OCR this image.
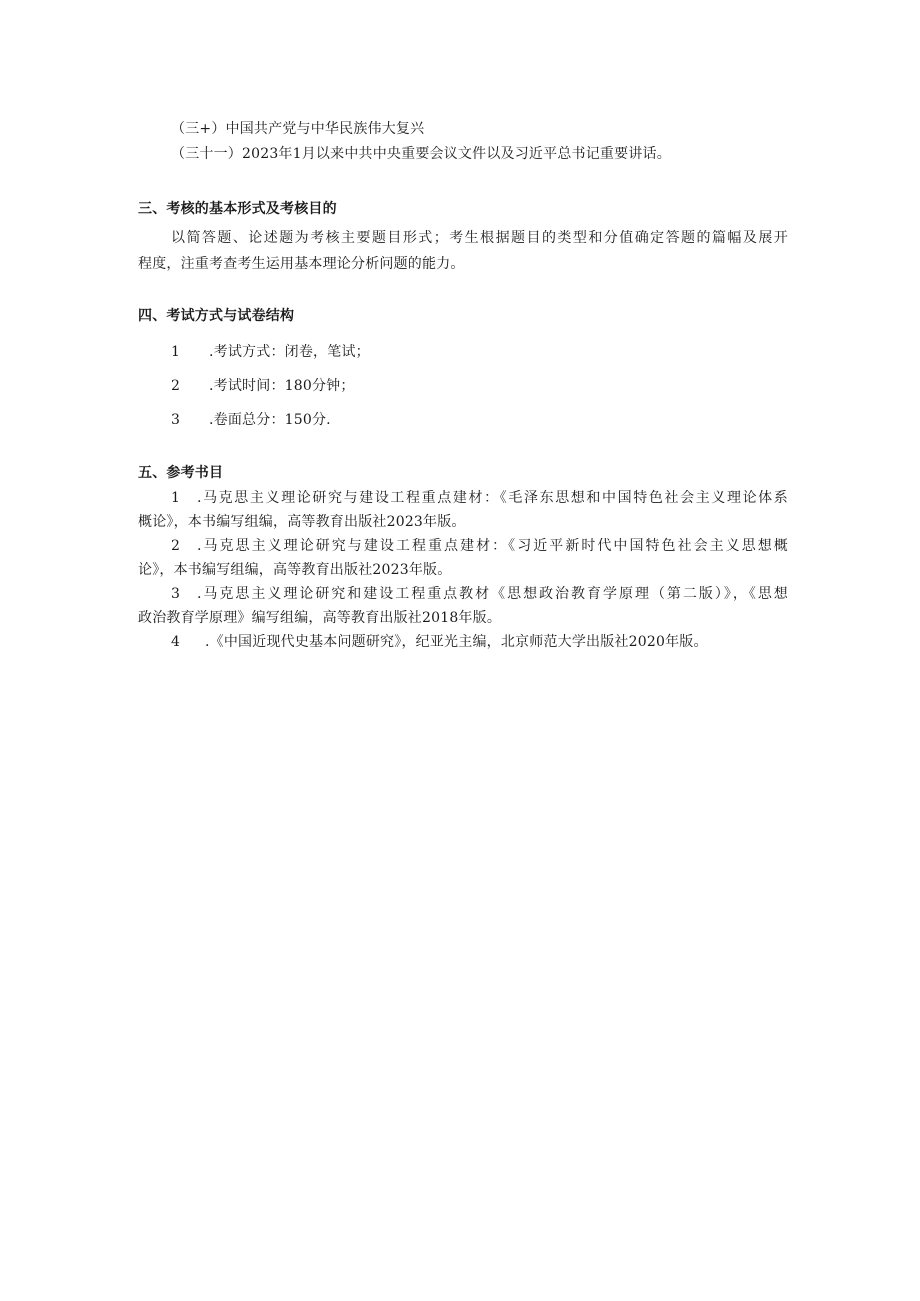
（三+）中国共产党与中华民族伟大复兴
（三十一）2023年1月以来中共中央重要会议文件以及习近平总书记重要讲话。
三、考核的基本形式及考核目的
以简答题、论述题为考核主要题目形式；考生根据题目的类型和分值确定答题的篇幅及展开
程度，注重考查考生运用基本理论分析问题的能力。
四、考试方式与试卷结构
1 .考试方式：闭卷，笔试；
2 .考试时间：180分钟；
3 .卷面总分：150分.
五、参考书目
1 .马克思主义理论研究与建设工程重点建材：《毛泽东思想和中国特色社会主义理论体系
概论》，本书编写组编，高等教育出版社2023年版。
2 .马克思主义理论研究与建设工程重点建材：《习近平新时代中国特色社会主义思想概
论》，本书编写组编，高等教育出版社2023年版。
3 .马克思主义理论研究和建设工程重点教材《思想政治教育学原理（第二版）》，《思想
政治教育学原理》编写组编，高等教育出版社2018年版。
4 .《中国近现代史基本问题研究》，纪亚光主编，北京师范大学出版社2020年版。
